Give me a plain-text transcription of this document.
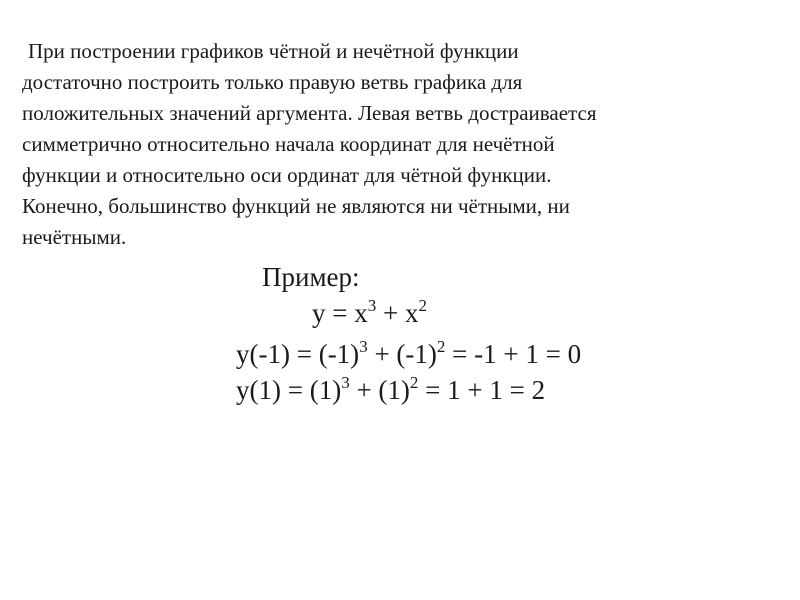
При построении графиков чётной и нечётной функции
достаточно построить только правую ветвь графика для
положительных значений аргумента. Левая ветвь достраивается
симметрично относительно начала координат для нечётной
функции и относительно оси ординат для чётной функции.
Конечно, большинство функций не являются ни чётными, ни
нечётными.

Пример:
$у = х^3 + х^2$
$у(-1) = (-1)^3 + (-1)^2 = -1 + 1 = 0$
$у(1) = (1)^3 + (1)^2 = 1 + 1 = 2$
